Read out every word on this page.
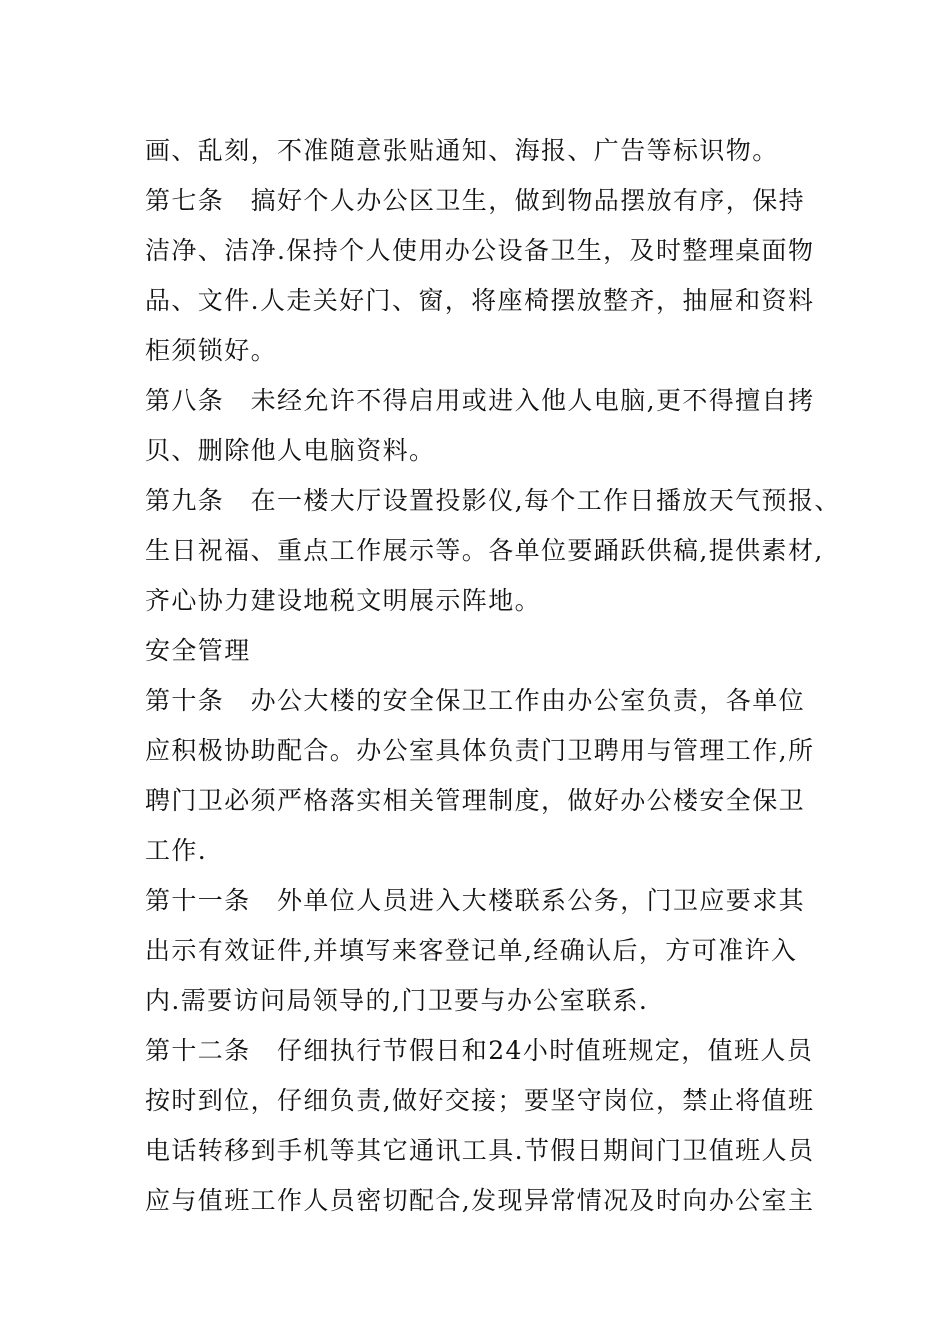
画、乱刻，不准随意张贴通知、海报、广告等标识物。
第七条　搞好个人办公区卫生，做到物品摆放有序，保持
洁净、洁净.保持个人使用办公设备卫生，及时整理桌面物
品、文件.人走关好门、窗，将座椅摆放整齐，抽屉和资料
柜须锁好。
第八条　未经允许不得启用或进入他人电脑,更不得擅自拷
贝、删除他人电脑资料。
第九条　在一楼大厅设置投影仪,每个工作日播放天气预报、
生日祝福、重点工作展示等。各单位要踊跃供稿,提供素材,
齐心协力建设地税文明展示阵地。
安全管理
第十条　办公大楼的安全保卫工作由办公室负责，各单位
应积极协助配合。办公室具体负责门卫聘用与管理工作,所
聘门卫必须严格落实相关管理制度，做好办公楼安全保卫
工作.
第十一条　外单位人员进入大楼联系公务，门卫应要求其
出示有效证件,并填写来客登记单,经确认后，方可准许入
内.需要访问局领导的,门卫要与办公室联系.
第十二条　仔细执行节假日和24小时值班规定，值班人员
按时到位，仔细负责,做好交接；要坚守岗位，禁止将值班
电话转移到手机等其它通讯工具.节假日期间门卫值班人员
应与值班工作人员密切配合,发现异常情况及时向办公室主
